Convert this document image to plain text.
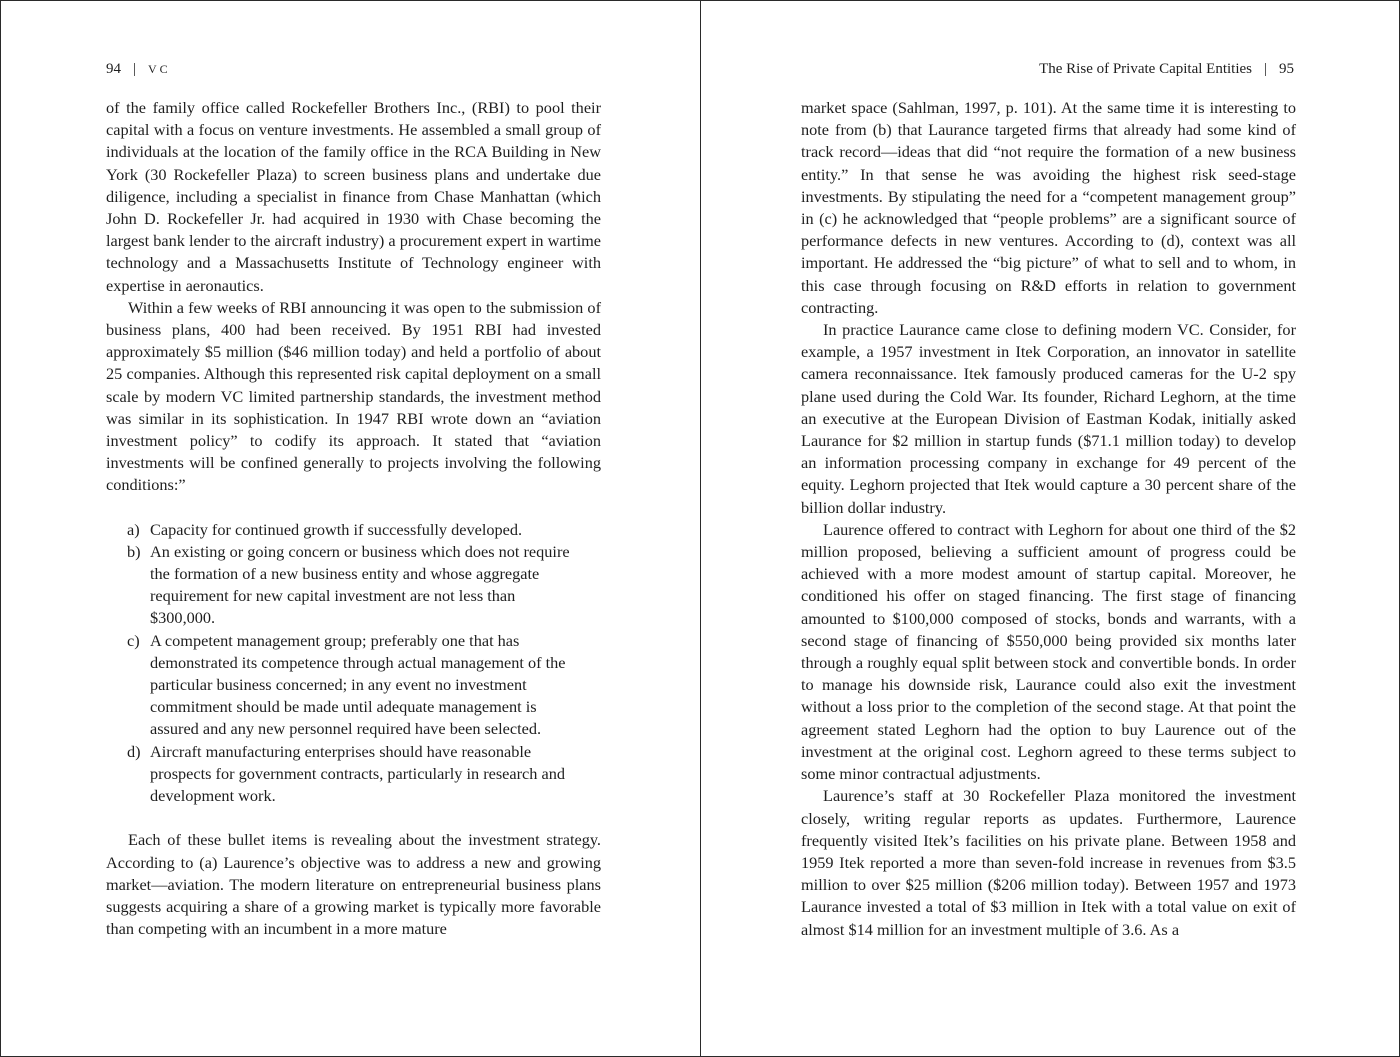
94 | VC

of the family office called Rockefeller Brothers Inc., (RBI) to pool their capital with a focus on venture investments. He assembled a small group of individuals at the location of the family office in the RCA Building in New York (30 Rockefeller Plaza) to screen business plans and undertake due diligence, including a specialist in finance from Chase Manhattan (which John D. Rockefeller Jr. had acquired in 1930 with Chase becoming the largest bank lender to the aircraft industry) a procurement expert in wartime technology and a Massachusetts Institute of Technology engineer with expertise in aeronautics.

Within a few weeks of RBI announcing it was open to the submission of business plans, 400 had been received. By 1951 RBI had invested approximately $5 million ($46 million today) and held a portfolio of about 25 companies. Although this represented risk capital deployment on a small scale by modern VC limited partnership standards, the investment method was similar in its sophistication. In 1947 RBI wrote down an “aviation investment policy” to codify its approach. It stated that “aviation investments will be confined generally to projects involving the following conditions:”

a) Capacity for continued growth if successfully developed.
b) An existing or going concern or business which does not require the formation of a new business entity and whose aggregate requirement for new capital investment are not less than $300,000.
c) A competent management group; preferably one that has demonstrated its competence through actual management of the particular business concerned; in any event no investment commitment should be made until adequate management is assured and any new personnel required have been selected.
d) Aircraft manufacturing enterprises should have reasonable prospects for government contracts, particularly in research and development work.

Each of these bullet items is revealing about the investment strategy. According to (a) Laurence’s objective was to address a new and growing market—aviation. The modern literature on entrepreneurial business plans suggests acquiring a share of a growing market is typically more favorable than competing with an incumbent in a more mature

The Rise of Private Capital Entities | 95

market space (Sahlman, 1997, p. 101). At the same time it is interesting to note from (b) that Laurance targeted firms that already had some kind of track record—ideas that did “not require the formation of a new business entity.” In that sense he was avoiding the highest risk seed-stage investments. By stipulating the need for a “competent management group” in (c) he acknowledged that “people problems” are a significant source of performance defects in new ventures. According to (d), context was all important. He addressed the “big picture” of what to sell and to whom, in this case through focusing on R&D efforts in relation to government contracting.

In practice Laurance came close to defining modern VC. Consider, for example, a 1957 investment in Itek Corporation, an innovator in satellite camera reconnaissance. Itek famously produced cameras for the U-2 spy plane used during the Cold War. Its founder, Richard Leghorn, at the time an executive at the European Division of Eastman Kodak, initially asked Laurance for $2 million in startup funds ($71.1 million today) to develop an information processing company in exchange for 49 percent of the equity. Leghorn projected that Itek would capture a 30 percent share of the billion dollar industry.

Laurence offered to contract with Leghorn for about one third of the $2 million proposed, believing a sufficient amount of progress could be achieved with a more modest amount of startup capital. Moreover, he conditioned his offer on staged financing. The first stage of financing amounted to $100,000 composed of stocks, bonds and warrants, with a second stage of financing of $550,000 being provided six months later through a roughly equal split between stock and convertible bonds. In order to manage his downside risk, Laurance could also exit the investment without a loss prior to the completion of the second stage. At that point the agreement stated Leghorn had the option to buy Laurence out of the investment at the original cost. Leghorn agreed to these terms subject to some minor contractual adjustments.

Laurence’s staff at 30 Rockefeller Plaza monitored the investment closely, writing regular reports as updates. Furthermore, Laurence frequently visited Itek’s facilities on his private plane. Between 1958 and 1959 Itek reported a more than seven-fold increase in revenues from $3.5 million to over $25 million ($206 million today). Between 1957 and 1973 Laurance invested a total of $3 million in Itek with a total value on exit of almost $14 million for an investment multiple of 3.6. As a
